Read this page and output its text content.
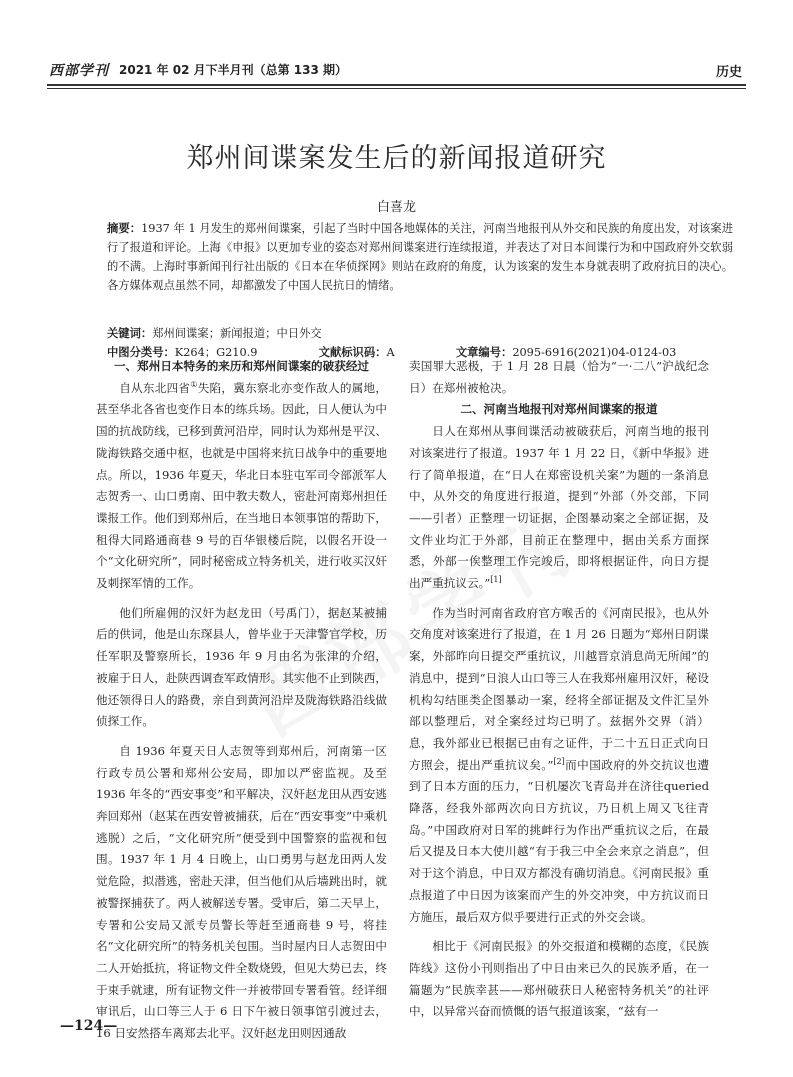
西部学刊 2021 年 02 月下半月刊（总第 133 期）	历史
郑州间谍案发生后的新闻报道研究
白喜龙
摘要：1937 年 1 月发生的郑州间谍案，引起了当时中国各地媒体的关注，河南当地报刊从外交和民族的角度出发，对该案进行了报道和评论。上海《申报》以更加专业的姿态对郑州间谍案进行连续报道，并表达了对日本间谍行为和中国政府外交软弱的不满。上海时事新闻刊行社出版的《日本在华侦探网》则站在政府的角度，认为该案的发生本身就表明了政府抗日的决心。各方媒体观点虽然不同，却都激发了中国人民抗日的情绪。
关键词：郑州间谍案；新闻报道；中日外交
中图分类号：K264；G210.9	文献标识码：A	文章编号：2095-6916(2021)04-0124-03
一、郑州日本特务的来历和郑州间谍案的破获经过

自从东北四省①失陷，冀东察北亦变作敌人的属地，甚至华北各省也变作日本的练兵场。因此，日人便认为中国的抗战防线，已移到黄河沿岸，同时认为郑州是平汉、陇海铁路交通中枢，也就是中国将来抗日战争中的重要地点。所以，1936 年夏天，华北日本驻屯军司令部派军人志贺秀一、山口勇南、田中教夫数人，密赴河南郑州担任谍报工作。他们到郑州后，在当地日本领事馆的帮助下，租得大同路通商巷 9 号的百华银楼后院，以假名开设一个“文化研究所”，同时秘密成立特务机关，进行收买汉奸及刺探军情的工作。

他们所雇佣的汉奸为赵龙田（号禹门），据赵某被捕后的供词，他是山东琛县人，曾毕业于天津警官学校，历任军职及警察所长，1936 年 9 月由名为张津的介绍，被雇于日人，赴陕西调查军政情形。其实他不止到陕西，他还领得日人的路费，亲自到黄河沿岸及陇海铁路沿线做侦探工作。

自 1936 年夏天日人志贺等到郑州后，河南第一区行政专员公署和郑州公安局，即加以严密监视。及至 1936 年冬的“西安事变”和平解决，汉奸赵龙田从西安逃奔回郑州（赵某在西安曾被捕获，后在“西安事变”中乘机逃脱）之后，“文化研究所”便受到中国警察的监视和包围。1937 年 1 月 4 日晚上，山口勇男与赵龙田两人发觉危险，拟潜逃，密赴天津，但当他们从后墙跳出时，就被警探捕获了。两人被解送专署。受审后，第二天早上，专署和公安局又派专员警长等赶至通商巷 9 号，将挂名“文化研究所”的特务机关包围。当时屋内日人志贺田中二人开始抵抗，将证物文件全数烧毁，但见大势已去，终于束手就逮，所有证物文件一并被带回专署看管。经详细审讯后，山口等三人于 6 日下午被日领事馆引渡过去，16 日安然搭车离郑去北平。汉奸赵龙田则因通敌

卖国罪大恶极，于 1 月 28 日晨（恰为“一·二八”沪战纪念日）在郑州被枪决。

二、河南当地报刊对郑州间谍案的报道

日人在郑州从事间谍活动被破获后，河南当地的报刊对该案进行了报道。1937 年 1 月 22 日，《新中华报》进行了简单报道，在“日人在郑密设机关案”为题的一条消息中，从外交的角度进行报道，提到“外部（外交部，下同——引者）正整理一切证据，企图暴动案之全部证据，及文件业均汇于外部，目前正在整理中，据由关系方面探悉，外部一俟整理工作完竣后，即将根据证件，向日方提出严重抗议云。”[1]

作为当时河南省政府官方喉舌的《河南民报》，也从外交角度对该案进行了报道，在 1 月 26 日题为“郑州日阴谍案，外部昨向日提交严重抗议，川越晋京消息尚无所闻”的消息中，提到“日浪人山口等三人在我郑州雇用汉奸，秘设机构勾结匪类企图暴动一案，经将全部证据及文件汇呈外部以整理后，对全案经过均已明了。兹据外交界（消）息，我外部业已根据已由有之证件，于二十五日正式向日方照会，提出严重抗议矣。”[2]而中国政府的外交抗议也遭到了日本方面的压力，“日机屡次飞青岛并在济往queried降落，经我外部两次向日方抗议，乃日机上周又飞往青岛。”中国政府对日军的挑衅行为作出严重抗议之后，在最后又提及日本大使川越“有于我三中全会来京之消息”，但对于这个消息，中日双方都没有确切消息。《河南民报》重点报道了中日因为该案而产生的外交冲突，中方抗议而日方施压，最后双方似乎要进行正式的外交会谈。

相比于《河南民报》的外交报道和模糊的态度，《民族阵线》这份小刊则指出了中日由来已久的民族矛盾，在一篇题为“民族幸甚——郑州破获日人秘密特务机关”的社评中，以异常兴奋而愤慨的语气报道该案，“兹有一

—124—
